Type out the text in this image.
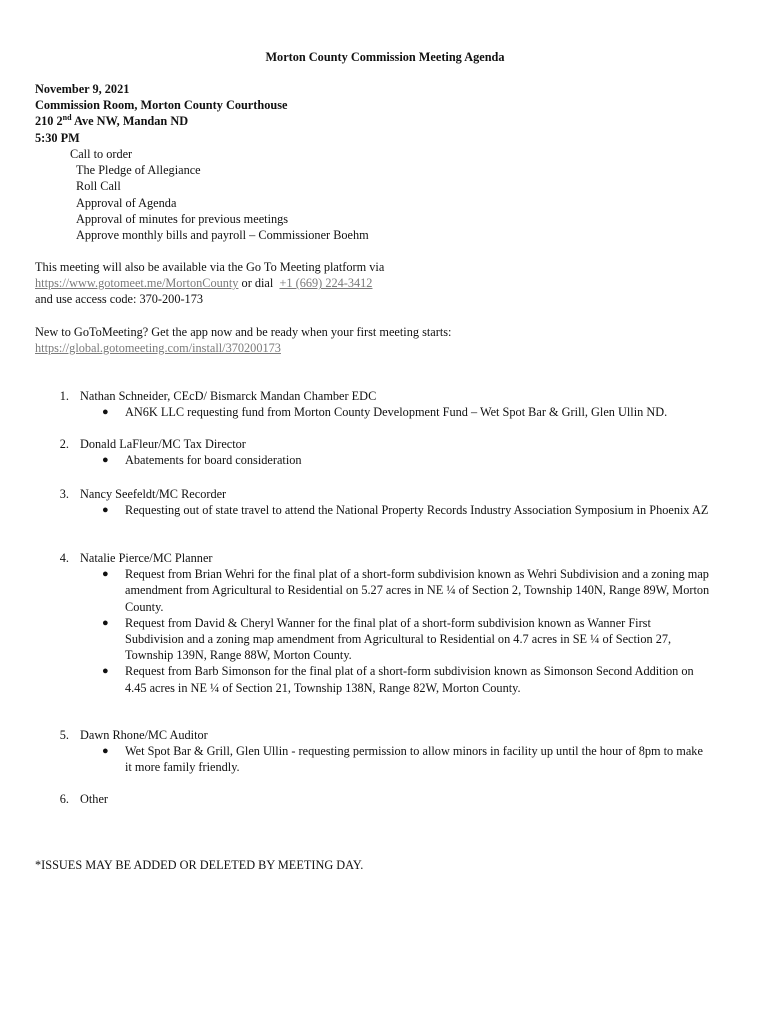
Morton County Commission Meeting Agenda
November 9, 2021
Commission Room, Morton County Courthouse
210 2nd Ave NW, Mandan ND
5:30 PM
Call to order
The Pledge of Allegiance
Roll Call
Approval of Agenda
Approval of minutes for previous meetings
Approve monthly bills and payroll – Commissioner Boehm
This meeting will also be available via the Go To Meeting platform via
https://www.gotomeet.me/MortonCounty or dial  +1 (669) 224-3412
and use access code: 370-200-173
New to GoToMeeting? Get the app now and be ready when your first meeting starts:
https://global.gotomeeting.com/install/370200173
1. Nathan Schneider, CEcD/ Bismarck Mandan Chamber EDC
● AN6K LLC requesting fund from Morton County Development Fund – Wet Spot Bar & Grill, Glen Ullin ND.
2. Donald LaFleur/MC Tax Director
● Abatements for board consideration
3. Nancy Seefeldt/MC Recorder
● Requesting out of state travel to attend the National Property Records Industry Association Symposium in Phoenix AZ
4. Natalie Pierce/MC Planner
● Request from Brian Wehri for the final plat of a short-form subdivision known as Wehri Subdivision and a zoning map amendment from Agricultural to Residential on 5.27 acres in NE ¼ of Section 2, Township 140N, Range 89W, Morton County.
● Request from David & Cheryl Wanner for the final plat of a short-form subdivision known as Wanner First Subdivision and a zoning map amendment from Agricultural to Residential on 4.7 acres in SE ¼ of Section 27, Township 139N, Range 88W, Morton County.
● Request from Barb Simonson for the final plat of a short-form subdivision known as Simonson Second Addition on 4.45 acres in NE ¼ of Section 21, Township 138N, Range 82W, Morton County.
5. Dawn Rhone/MC Auditor
● Wet Spot Bar & Grill, Glen Ullin - requesting permission to allow minors in facility up until the hour of 8pm to make it more family friendly.
6. Other
*ISSUES MAY BE ADDED OR DELETED BY MEETING DAY.
